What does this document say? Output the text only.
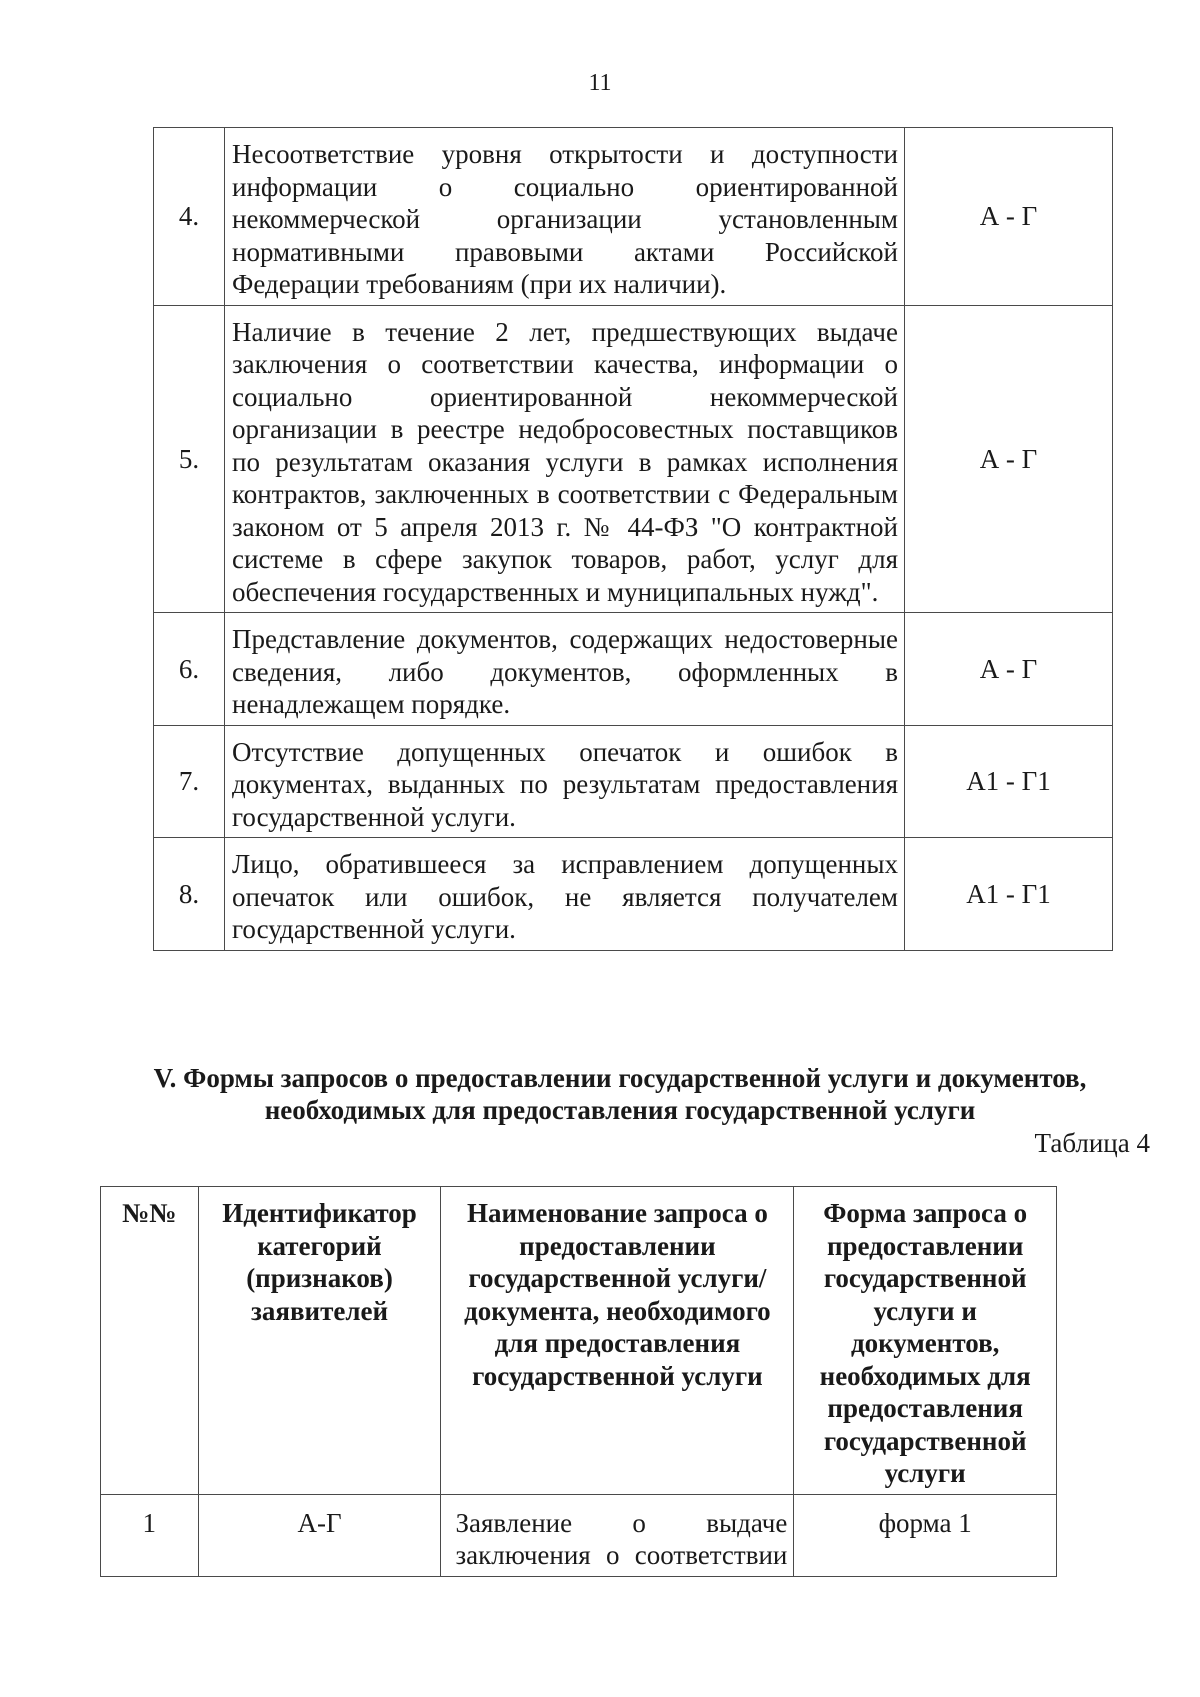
11
4.	Несоответствие уровня открытости и доступности информации о социально ориентированной некоммерческой организации установленным нормативными правовыми актами Российской Федерации требованиям (при их наличии).	А - Г
5.	Наличие в течение 2 лет, предшествующих выдаче заключения о соответствии качества, информации о социально ориентированной некоммерческой организации в реестре недобросовестных поставщиков по результатам оказания услуги в рамках исполнения контрактов, заключенных в соответствии с Федеральным законом от 5 апреля 2013 г. № 44-ФЗ "О контрактной системе в сфере закупок товаров, работ, услуг для обеспечения государственных и муниципальных нужд".	А - Г
6.	Представление документов, содержащих недостоверные сведения, либо документов, оформленных в ненадлежащем порядке.	А - Г
7.	Отсутствие допущенных опечаток и ошибок в документах, выданных по результатам предоставления государственной услуги.	А1 - Г1
8.	Лицо, обратившееся за исправлением допущенных опечаток или ошибок, не является получателем государственной услуги.	А1 - Г1
V. Формы запросов о предоставлении государственной услуги и документов, необходимых для предоставления государственной услуги
Таблица 4
№№	Идентификатор категорий (признаков) заявителей	Наименование запроса о предоставлении государственной услуги/документа, необходимого для предоставления государственной услуги	Форма запроса о предоставлении государственной услуги и документов, необходимых для предоставления государственной услуги
1	А-Г	Заявление о выдаче заключения о соответствии	форма 1
